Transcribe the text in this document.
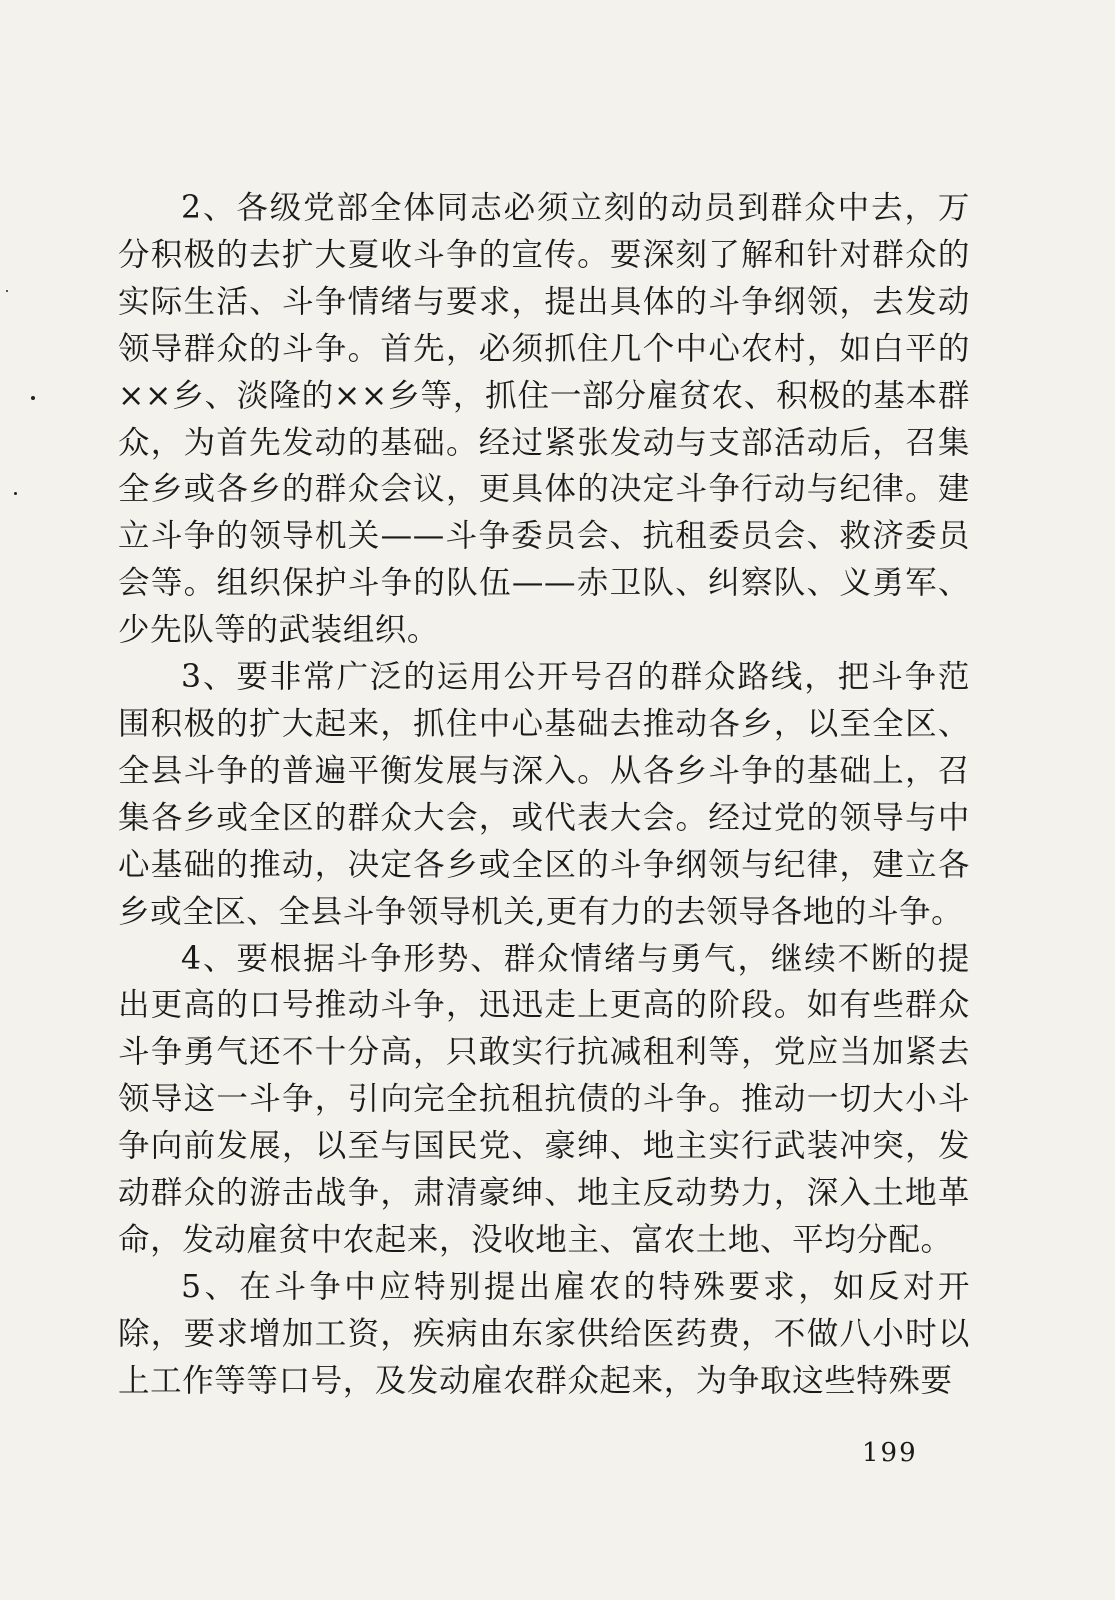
2、各级党部全体同志必须立刻的动员到群众中去，万分积极的去扩大夏收斗争的宣传。要深刻了解和针对群众的实际生活、斗争情绪与要求，提出具体的斗争纲领，去发动领导群众的斗争。首先，必须抓住几个中心农村，如白平的××乡、淡隆的××乡等，抓住一部分雇贫农、积极的基本群众，为首先发动的基础。经过紧张发动与支部活动后，召集全乡或各乡的群众会议，更具体的决定斗争行动与纪律。建立斗争的领导机关——斗争委员会、抗租委员会、救济委员会等。组织保护斗争的队伍——赤卫队、纠察队、义勇军、少先队等的武装组织。

3、要非常广泛的运用公开号召的群众路线，把斗争范围积极的扩大起来，抓住中心基础去推动各乡，以至全区、全县斗争的普遍平衡发展与深入。从各乡斗争的基础上，召集各乡或全区的群众大会，或代表大会。经过党的领导与中心基础的推动，决定各乡或全区的斗争纲领与纪律，建立各乡或全区、全县斗争领导机关,更有力的去领导各地的斗争。

4、要根据斗争形势、群众情绪与勇气，继续不断的提出更高的口号推动斗争，迅迅走上更高的阶段。如有些群众斗争勇气还不十分高，只敢实行抗减租利等，党应当加紧去领导这一斗争，引向完全抗租抗债的斗争。推动一切大小斗争向前发展，以至与国民党、豪绅、地主实行武装冲突，发动群众的游击战争，肃清豪绅、地主反动势力，深入土地革命，发动雇贫中农起来，没收地主、富农土地、平均分配。

5、在斗争中应特别提出雇农的特殊要求，如反对开除，要求增加工资，疾病由东家供给医药费，不做八小时以上工作等等口号，及发动雇农群众起来，为争取这些特殊要

199
